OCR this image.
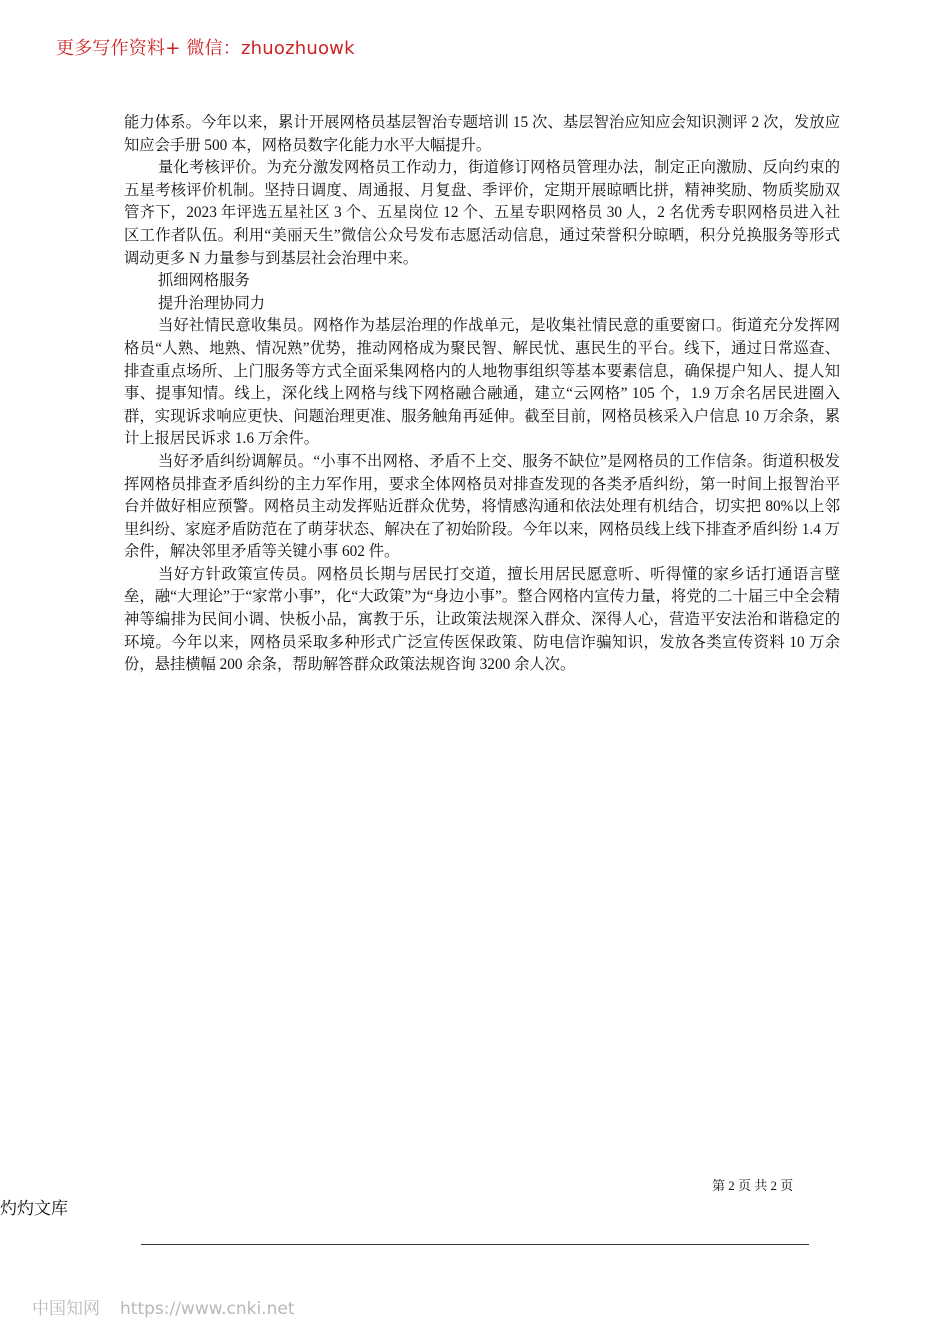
更多写作资料+ 微信：zhuozhuowk

能力体系。今年以来，累计开展网格员基层智治专题培训 15 次、基层智治应知应会知识测评 2 次，发放应知应会手册 500 本，网格员数字化能力水平大幅提升。

量化考核评价。为充分激发网格员工作动力，街道修订网格员管理办法，制定正向激励、反向约束的五星考核评价机制。坚持日调度、周通报、月复盘、季评价，定期开展晾晒比拼，精神奖励、物质奖励双管齐下，2023 年评选五星社区 3 个、五星岗位 12 个、五星专职网格员 30 人，2 名优秀专职网格员进入社区工作者队伍。利用“美丽天生”微信公众号发布志愿活动信息，通过荣誉积分晾晒，积分兑换服务等形式调动更多 N 力量参与到基层社会治理中来。

抓细网格服务

提升治理协同力

当好社情民意收集员。网格作为基层治理的作战单元，是收集社情民意的重要窗口。街道充分发挥网格员“人熟、地熟、情况熟”优势，推动网格成为聚民智、解民忧、惠民生的平台。线下，通过日常巡查、排查重点场所、上门服务等方式全面采集网格内的人地物事组织等基本要素信息，确保提户知人、提人知事、提事知情。线上，深化线上网格与线下网格融合融通，建立“云网格” 105 个，1.9 万余名居民进圈入群，实现诉求响应更快、问题治理更准、服务触角再延伸。截至目前，网格员核采入户信息 10 万余条，累计上报居民诉求 1.6 万余件。

当好矛盾纠纷调解员。“小事不出网格、矛盾不上交、服务不缺位”是网格员的工作信条。街道积极发挥网格员排查矛盾纠纷的主力军作用，要求全体网格员对排查发现的各类矛盾纠纷，第一时间上报智治平台并做好相应预警。网格员主动发挥贴近群众优势，将情感沟通和依法处理有机结合，切实把 80%以上邻里纠纷、家庭矛盾防范在了萌芽状态、解决在了初始阶段。今年以来，网格员线上线下排查矛盾纠纷 1.4 万余件，解决邻里矛盾等关键小事 602 件。

当好方针政策宣传员。网格员长期与居民打交道，擅长用居民愿意听、听得懂的家乡话打通语言壁垒，融“大理论”于“家常小事”，化“大政策”为“身边小事”。整合网格内宣传力量，将党的二十届三中全会精神等编排为民间小调、快板小品，寓教于乐，让政策法规深入群众、深得人心，营造平安法治和谐稳定的环境。今年以来，网格员采取多种形式广泛宣传医保政策、防电信诈骗知识，发放各类宣传资料 10 万余份，悬挂横幅 200 余条，帮助解答群众政策法规咨询 3200 余人次。

第 2 页 共 2 页
灼灼文库
中国知网 https://www.cnki.net
